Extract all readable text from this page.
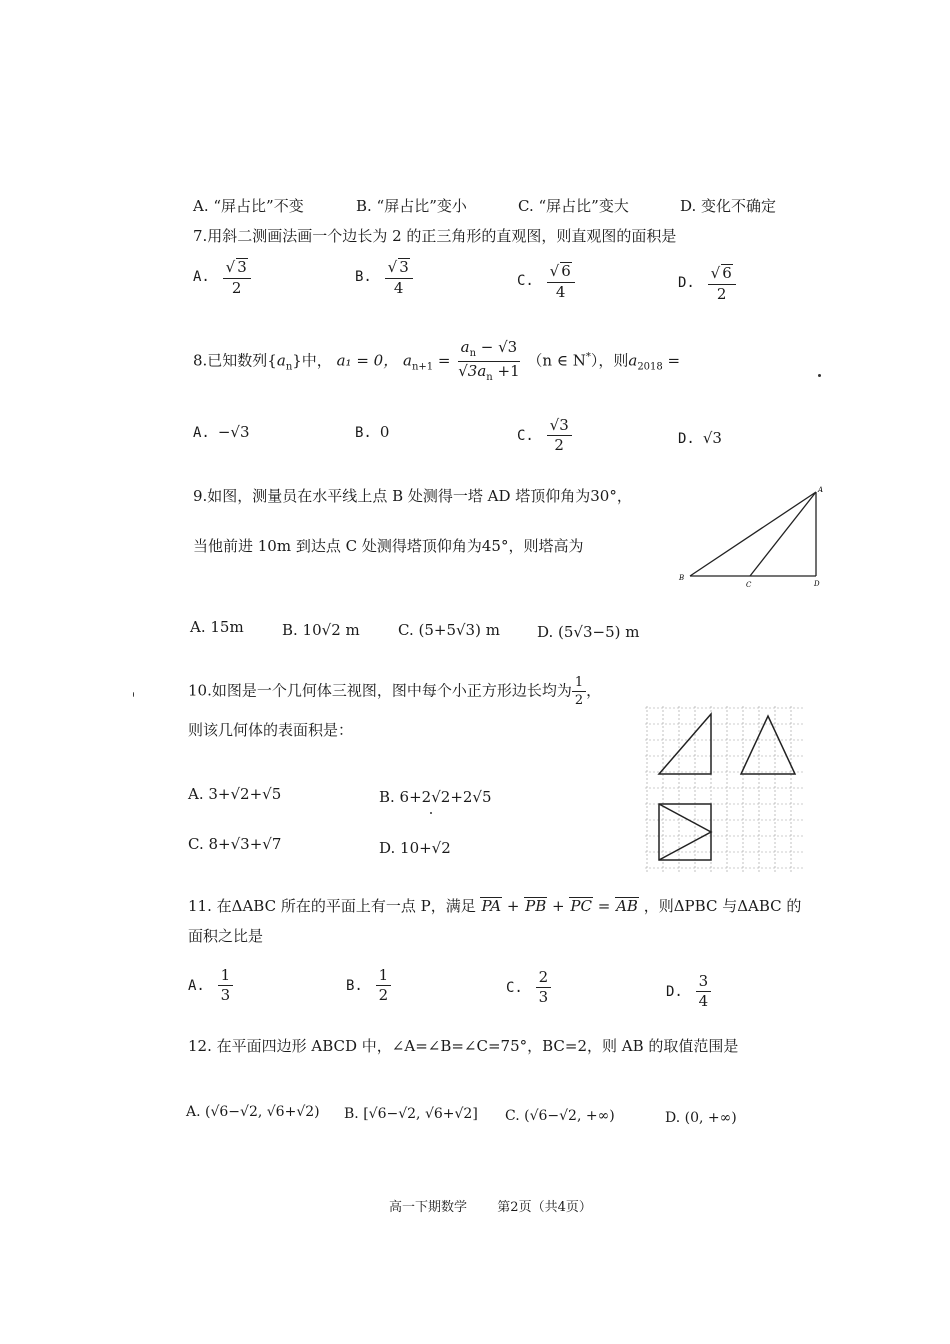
A. “屏占比”不变	B. “屏占比”变小	C. “屏占比”变大	D. 变化不确定
7.用斜二测画法画一个边长为 2 的正三角形的直观图，则直观图的面积是
A. $\frac{√ 3}{2}$	B. $\frac{√ 3}{4}$	C. $\frac{√ 6}{4}$	D. $\frac{√ 6}{2}$
8.已知数列$\{a_n\}$中， a₁ = 0， $a_{n+1} = \frac{a_n - √3}{√3a_n +1} (n$ ∈ N*），则$a_{2018}$ =
A. −√3	B. 0	C. $\frac{√3}{2}$	D. √3
9.如图，测量员在水平线上点 B 处测得一塔 AD 塔顶仰角为30°，
当他前进 10m 到达点 C 处测得塔顶仰角为45°，则塔高为
A
B
C	D
A. 15m	B. 10√2 m	C. (5+5√3) m D. (5√3−5) m
10.如图是一个几何体三视图，图中每个小正方形边长均为 $\frac{1}{2}$ ，
则该几何体的表面积是：
A. 3+√2+√5	B. 6+2√2+2√5
C. 8+√3+√7	D. 10+√2
11. 在ΔABC 所在的平面上有一点 P，满足 PA + PB + PC = AB ，则ΔPBC 与ΔABC 的
面积之比是
A. $\frac{1}{3}$	B. $\frac{1}{2}$	C. $\frac{2}{3}$	D. $\frac{3}{4}$
12. 在平面四边形 ABCD 中，∠A=∠B=∠C=75°，BC=2，则 AB 的取值范围是
A. (√6−√2, √6+√2) B. [√6−√2, √6+√2] C. (√6−√2, +∞)	D. (0, +∞)
高一下期数学 第2页（共4页）
